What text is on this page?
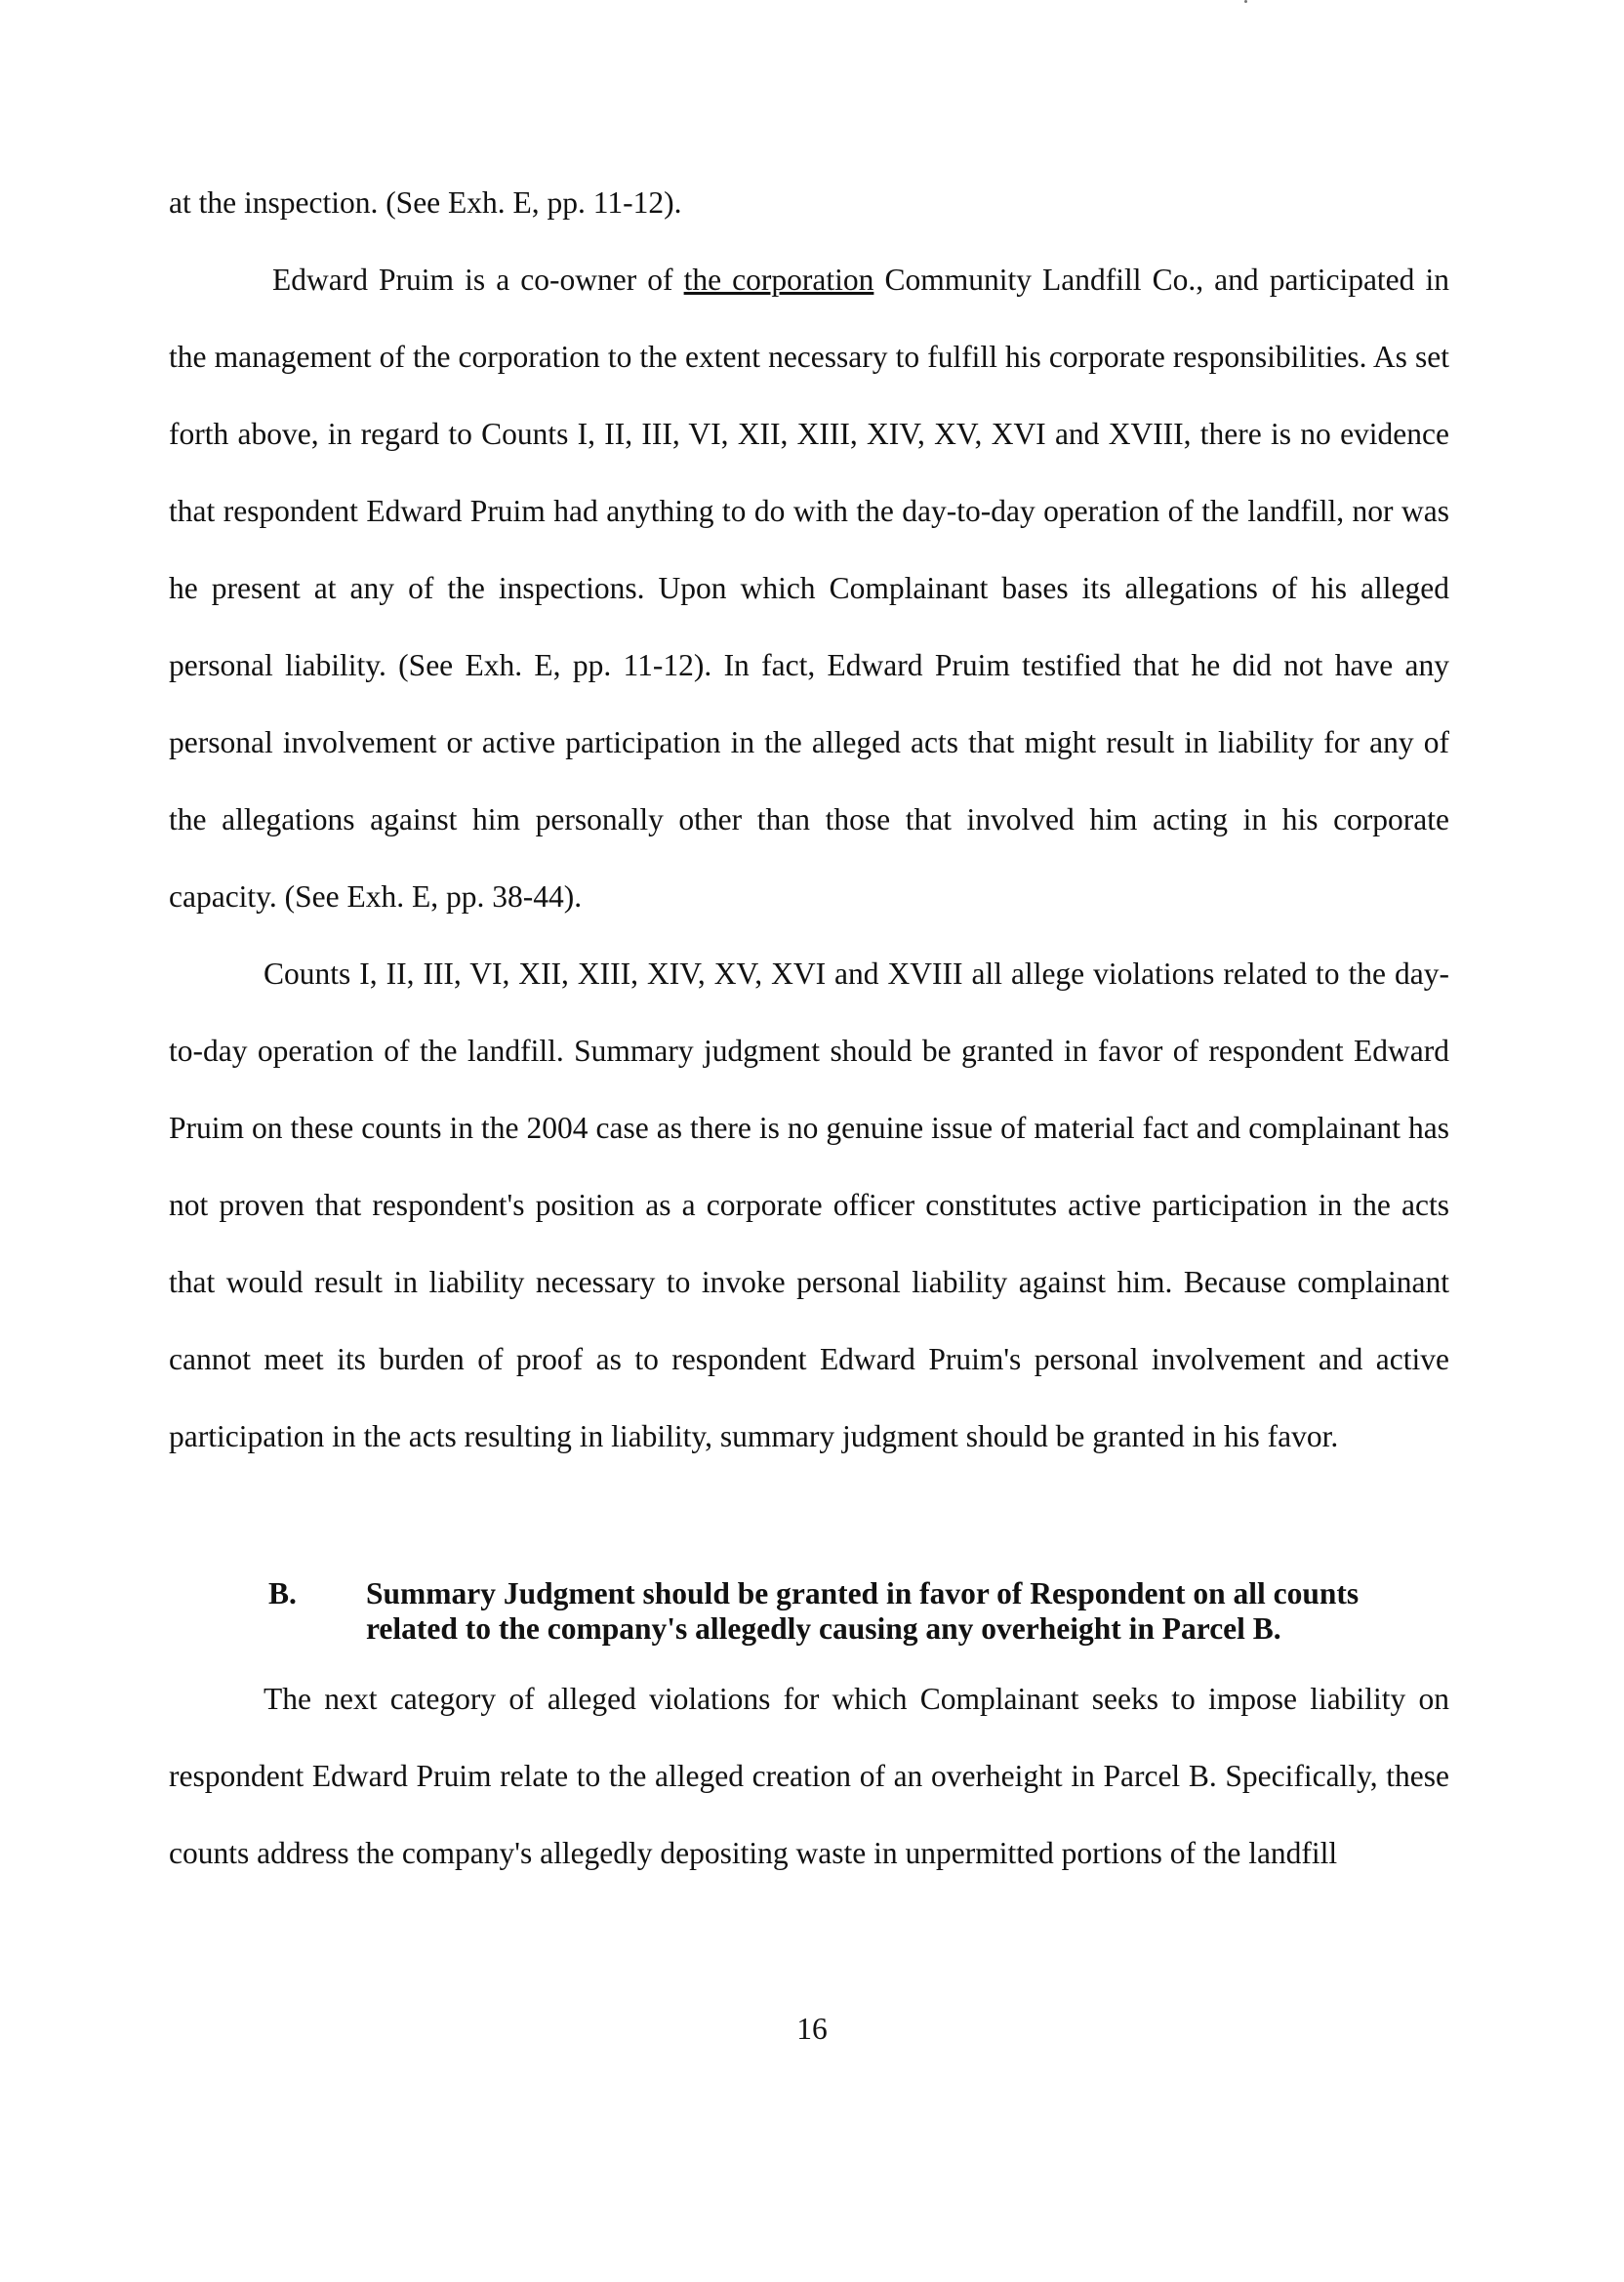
at the inspection. (See Exh. E, pp. 11-12).
Edward Pruim is a co-owner of the corporation Community Landfill Co., and participated in the management of the corporation to the extent necessary to fulfill his corporate responsibilities. As set forth above, in regard to Counts I, II, III, VI, XII, XIII, XIV, XV, XVI and XVIII, there is no evidence that respondent Edward Pruim had anything to do with the day-to-day operation of the landfill, nor was he present at any of the inspections. Upon which Complainant bases its allegations of his alleged personal liability. (See Exh. E, pp. 11-12). In fact, Edward Pruim testified that he did not have any personal involvement or active participation in the alleged acts that might result in liability for any of the allegations against him personally other than those that involved him acting in his corporate capacity. (See Exh. E, pp. 38-44).
Counts I, II, III, VI, XII, XIII, XIV, XV, XVI and XVIII all allege violations related to the day-to-day operation of the landfill. Summary judgment should be granted in favor of respondent Edward Pruim on these counts in the 2004 case as there is no genuine issue of material fact and complainant has not proven that respondent's position as a corporate officer constitutes active participation in the acts that would result in liability necessary to invoke personal liability against him. Because complainant cannot meet its burden of proof as to respondent Edward Pruim's personal involvement and active participation in the acts resulting in liability, summary judgment should be granted in his favor.
B. Summary Judgment should be granted in favor of Respondent on all counts related to the company's allegedly causing any overheight in Parcel B.
The next category of alleged violations for which Complainant seeks to impose liability on respondent Edward Pruim relate to the alleged creation of an overheight in Parcel B. Specifically, these counts address the company's allegedly depositing waste in unpermitted portions of the landfill
16
